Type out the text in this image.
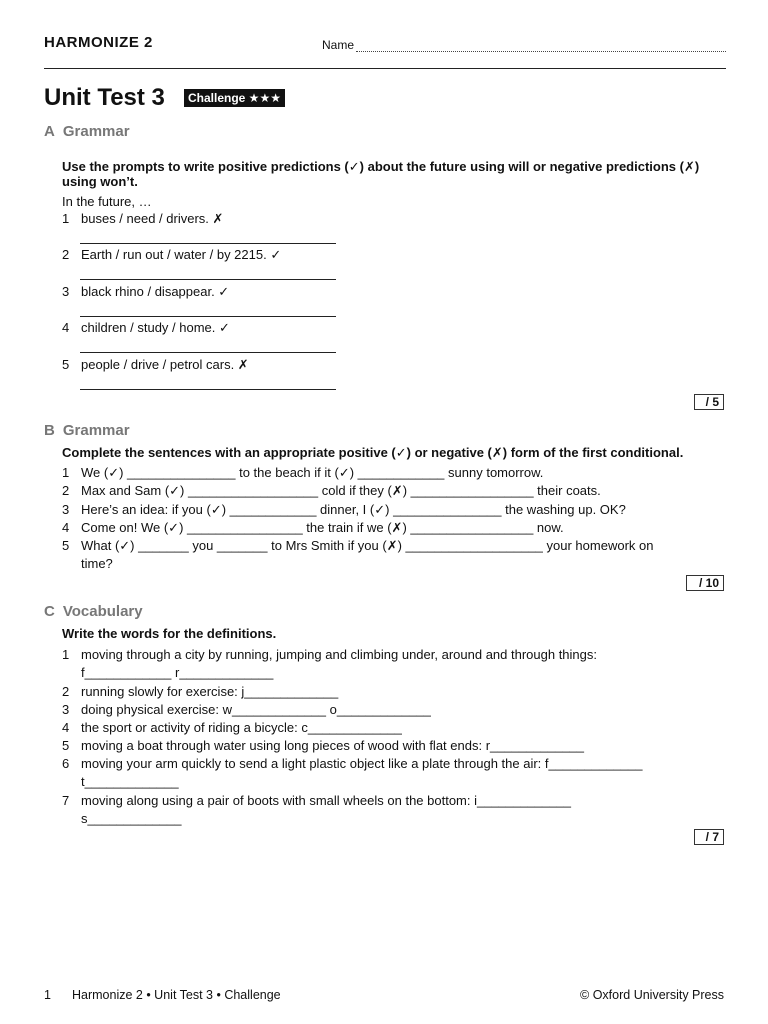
HARMONIZE 2	Name
Unit Test 3	Challenge ★★★
A Grammar
Use the prompts to write positive predictions (✓) about the future using will or negative predictions (✗) using won’t.
In the future, …
1 buses / need / drivers. ✗
2 Earth / run out / water / by 2215. ✓
3 black rhino / disappear. ✓
4 children / study / home. ✓
5 people / drive / petrol cars. ✗
/ 5
B Grammar
Complete the sentences with an appropriate positive (✓) or negative (✗) form of the first conditional.
1 We (✓) _______________ to the beach if it (✓) ____________ sunny tomorrow.
2 Max and Sam (✓) __________________ cold if they (✗) _________________ their coats.
3 Here’s an idea: if you (✓) ____________ dinner, I (✓) _______________ the washing up. OK?
4 Come on! We (✓) ________________ the train if we (✗) _________________ now.
5 What (✓) _______ you _______ to Mrs Smith if you (✗) ___________________ your homework on
time?
/ 10
C Vocabulary
Write the words for the definitions.
1 moving through a city by running, jumping and climbing under, around and through things:
f____________ r_____________
2 running slowly for exercise: j_____________
3 doing physical exercise: w_____________ o_____________
4 the sport or activity of riding a bicycle: c_____________
5 moving a boat through water using long pieces of wood with flat ends: r_____________
6 moving your arm quickly to send a light plastic object like a plate through the air: f_____________
t_____________
7 moving along using a pair of boots with small wheels on the bottom: i_____________
s_____________
/ 7
1 Harmonize 2 • Unit Test 3 • Challenge	© Oxford University Press
